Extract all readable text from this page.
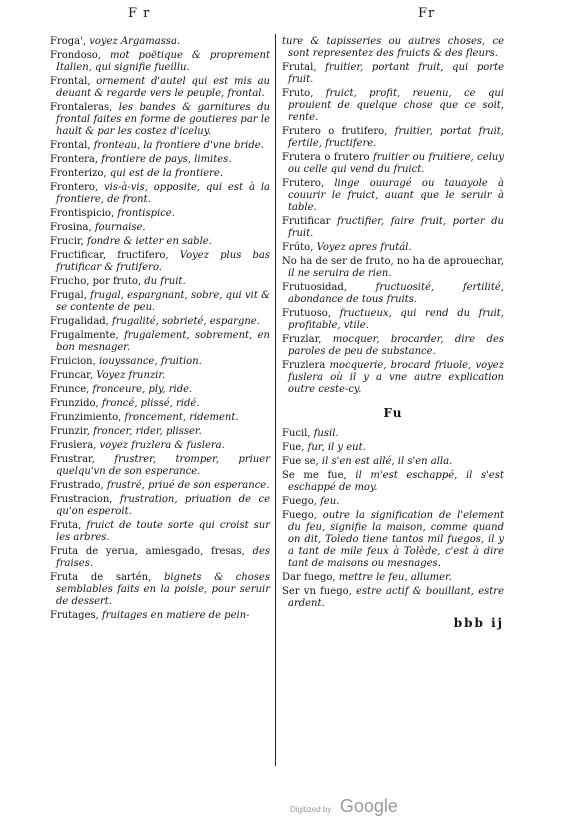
F r	Fr

Froga', voyez Argamassa.

Frondoso, mot poëtique & proprement Italien, qui signifie fueillu.

Frontal, ornement d'autel qui est mis au deuant & regarde vers le peuple, frontal.

Frontaleras, les bandes & garnitures du frontal faites en forme de goutieres par le hault & par les costez d'iceluy.

Frontal, fronteau, la frontiere d'vne bride.

Frontera, frontiere de pays, limites.

Fronterizo, qui est de la frontiere.

Frontero, vis-à-vis, opposite, qui est à la frontiere, de front.

Frontispicio, frontispice.

Frosina, fournaise.

Frucir, fondre & ietter en sable.

Fructificar, fructifero, Voyez plus bas frutificar & frutifero.

Frucho, por fruto, du fruit.

Frugal, frugal, espargnant, sobre, qui vit & se contente de peu.

Frugalidad, frugalité, sobrieté, espargne.

Frugalmente, frugalement, sobrement, en bon mesnager.

Fruicion, iouyssance, fruition.

Fruncar, Voyez frunzir.

Frunce, fronceure, ply, ride.

Frunzido, froncé, plissé, ridé.

Frunzimiento, froncement, ridement.

Frunzir, froncer, rider, plisser.

Fruslera, voyez fruzlera & fuslera.

Frustrar, frustrer, tromper, priuer quelqu'vn de son esperance.

Frustrado, frustré, priué de son esperance.

Frustracion, frustration, priuation de ce qu'on esperoit.

Fruta, fruict de toute sorte qui croist sur les arbres.

Fruta de yerua, amiesgado, fresas, des fraises.

Fruta de sartén, bignets & choses semblables faits en la poisle, pour seruir de dessert.

Frutages, fruitages en matiere de pein-

ture & tapisseries ou autres choses, ce sont representez des fruicts & des fleurs.

Frutal, fruitier, portant fruit, qui porte fruit.

Fruto, fruict, profit, reuenu, ce qui prouient de quelque chose que ce soit, rente.

Frutero o frutifero, fruitier, portat fruit, fertile, fructifere.

Frutera o frutero fruitier ou fruitiere, celuy ou celle qui vend du fruict.

Frutero, linge ouuragé ou tauayole à couurir le fruict, auant que le seruir à table.

Frutificar fructifier, faire fruit, porter du fruit.

Frúto, Voyez apres frutál.

No ha de ser de fruto, no ha de aprouechar, il ne seruira de rien.

Frutuosidad, fructuosité, fertilité, abondance de tous fruits.

Frutuoso, fructueux, qui rend du fruit, profitable, vtile.

Fruzlar, mocquer, brocarder, dire des paroles de peu de substance.

Fruzlera mocquerie, brocard friuole, voyez fuslera où il y a vne autre explication outre ceste-cy.

Fu

Fucil, fusil.

Fue, fur, il y eut.

Fue se, il s'en est allé, il s'en alla.

Se me fue, il m'est eschappé, il s'est eschappé de moy.

Fuego, feu.

Fuego, outre la signification de l'element du feu, signifie la maison, comme quand on dit, Toledo tiene tantos mil fuegos, il y a tant de mile feux à Tolède, c'est à dire tant de maisons ou mesnages.

Dar fuego, mettre le feu, allumer.

Ser vn fuego, estre actif & bouillant, estre ardent.

bbb ij
Digitized by Google
